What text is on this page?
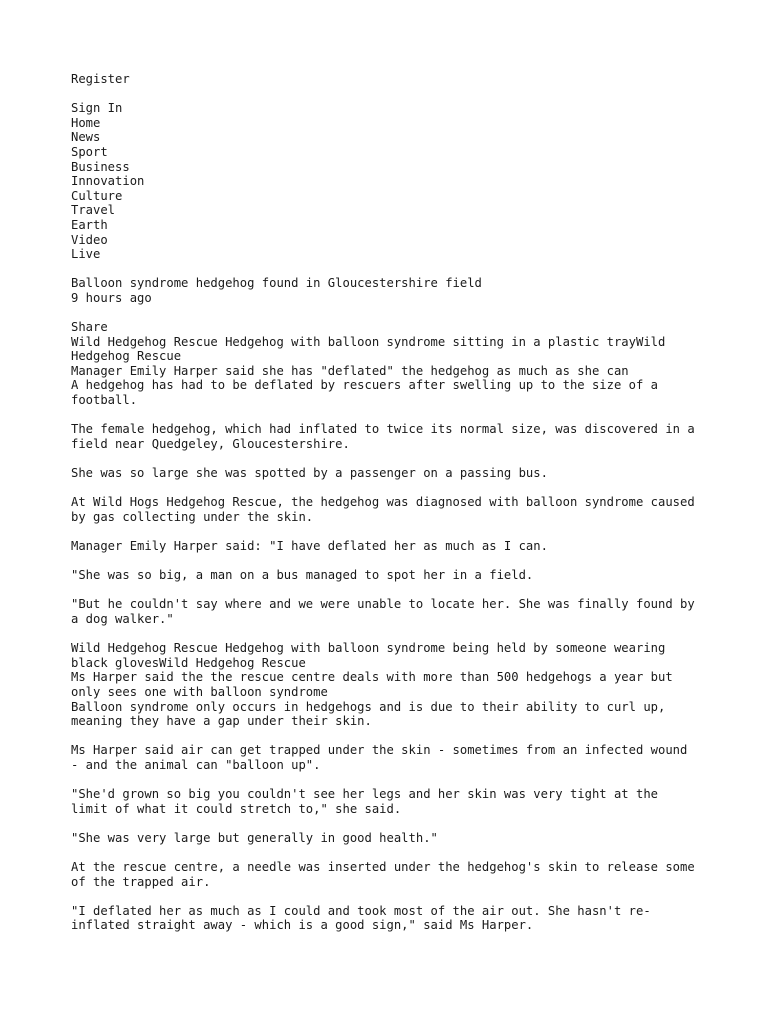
Register
Sign In
Home
News
Sport
Business
Innovation
Culture
Travel
Earth
Video
Live
Balloon syndrome hedgehog found in Gloucestershire field
9 hours ago
Share

Wild Hedgehog Rescue Hedgehog with balloon syndrome sitting in a plastic trayWild Hedgehog Rescue

Manager Emily Harper said she has "deflated" the hedgehog as much as she can

A hedgehog has had to be deflated by rescuers after swelling up to the size of a football.

The female hedgehog, which had inflated to twice its normal size, was discovered in a field near Quedgeley, Gloucestershire.

She was so large she was spotted by a passenger on a passing bus.

At Wild Hogs Hedgehog Rescue, the hedgehog was diagnosed with balloon syndrome caused by gas collecting under the skin.

Manager Emily Harper said: "I have deflated her as much as I can.

"She was so big, a man on a bus managed to spot her in a field.

"But he couldn't say where and we were unable to locate her. She was finally found by a dog walker."

Wild Hedgehog Rescue Hedgehog with balloon syndrome being held by someone wearing black glovesWild Hedgehog Rescue

Ms Harper said the the rescue centre deals with more than 500 hedgehogs a year but only sees one with balloon syndrome

Balloon syndrome only occurs in hedgehogs and is due to their ability to curl up, meaning they have a gap under their skin.

Ms Harper said air can get trapped under the skin - sometimes from an infected wound - and the animal can "balloon up".

"She'd grown so big you couldn't see her legs and her skin was very tight at the limit of what it could stretch to," she said.

"She was very large but generally in good health."

At the rescue centre, a needle was inserted under the hedgehog's skin to release some of the trapped air.

"I deflated her as much as I could and took most of the air out. She hasn't re-inflated straight away - which is a good sign," said Ms Harper.
